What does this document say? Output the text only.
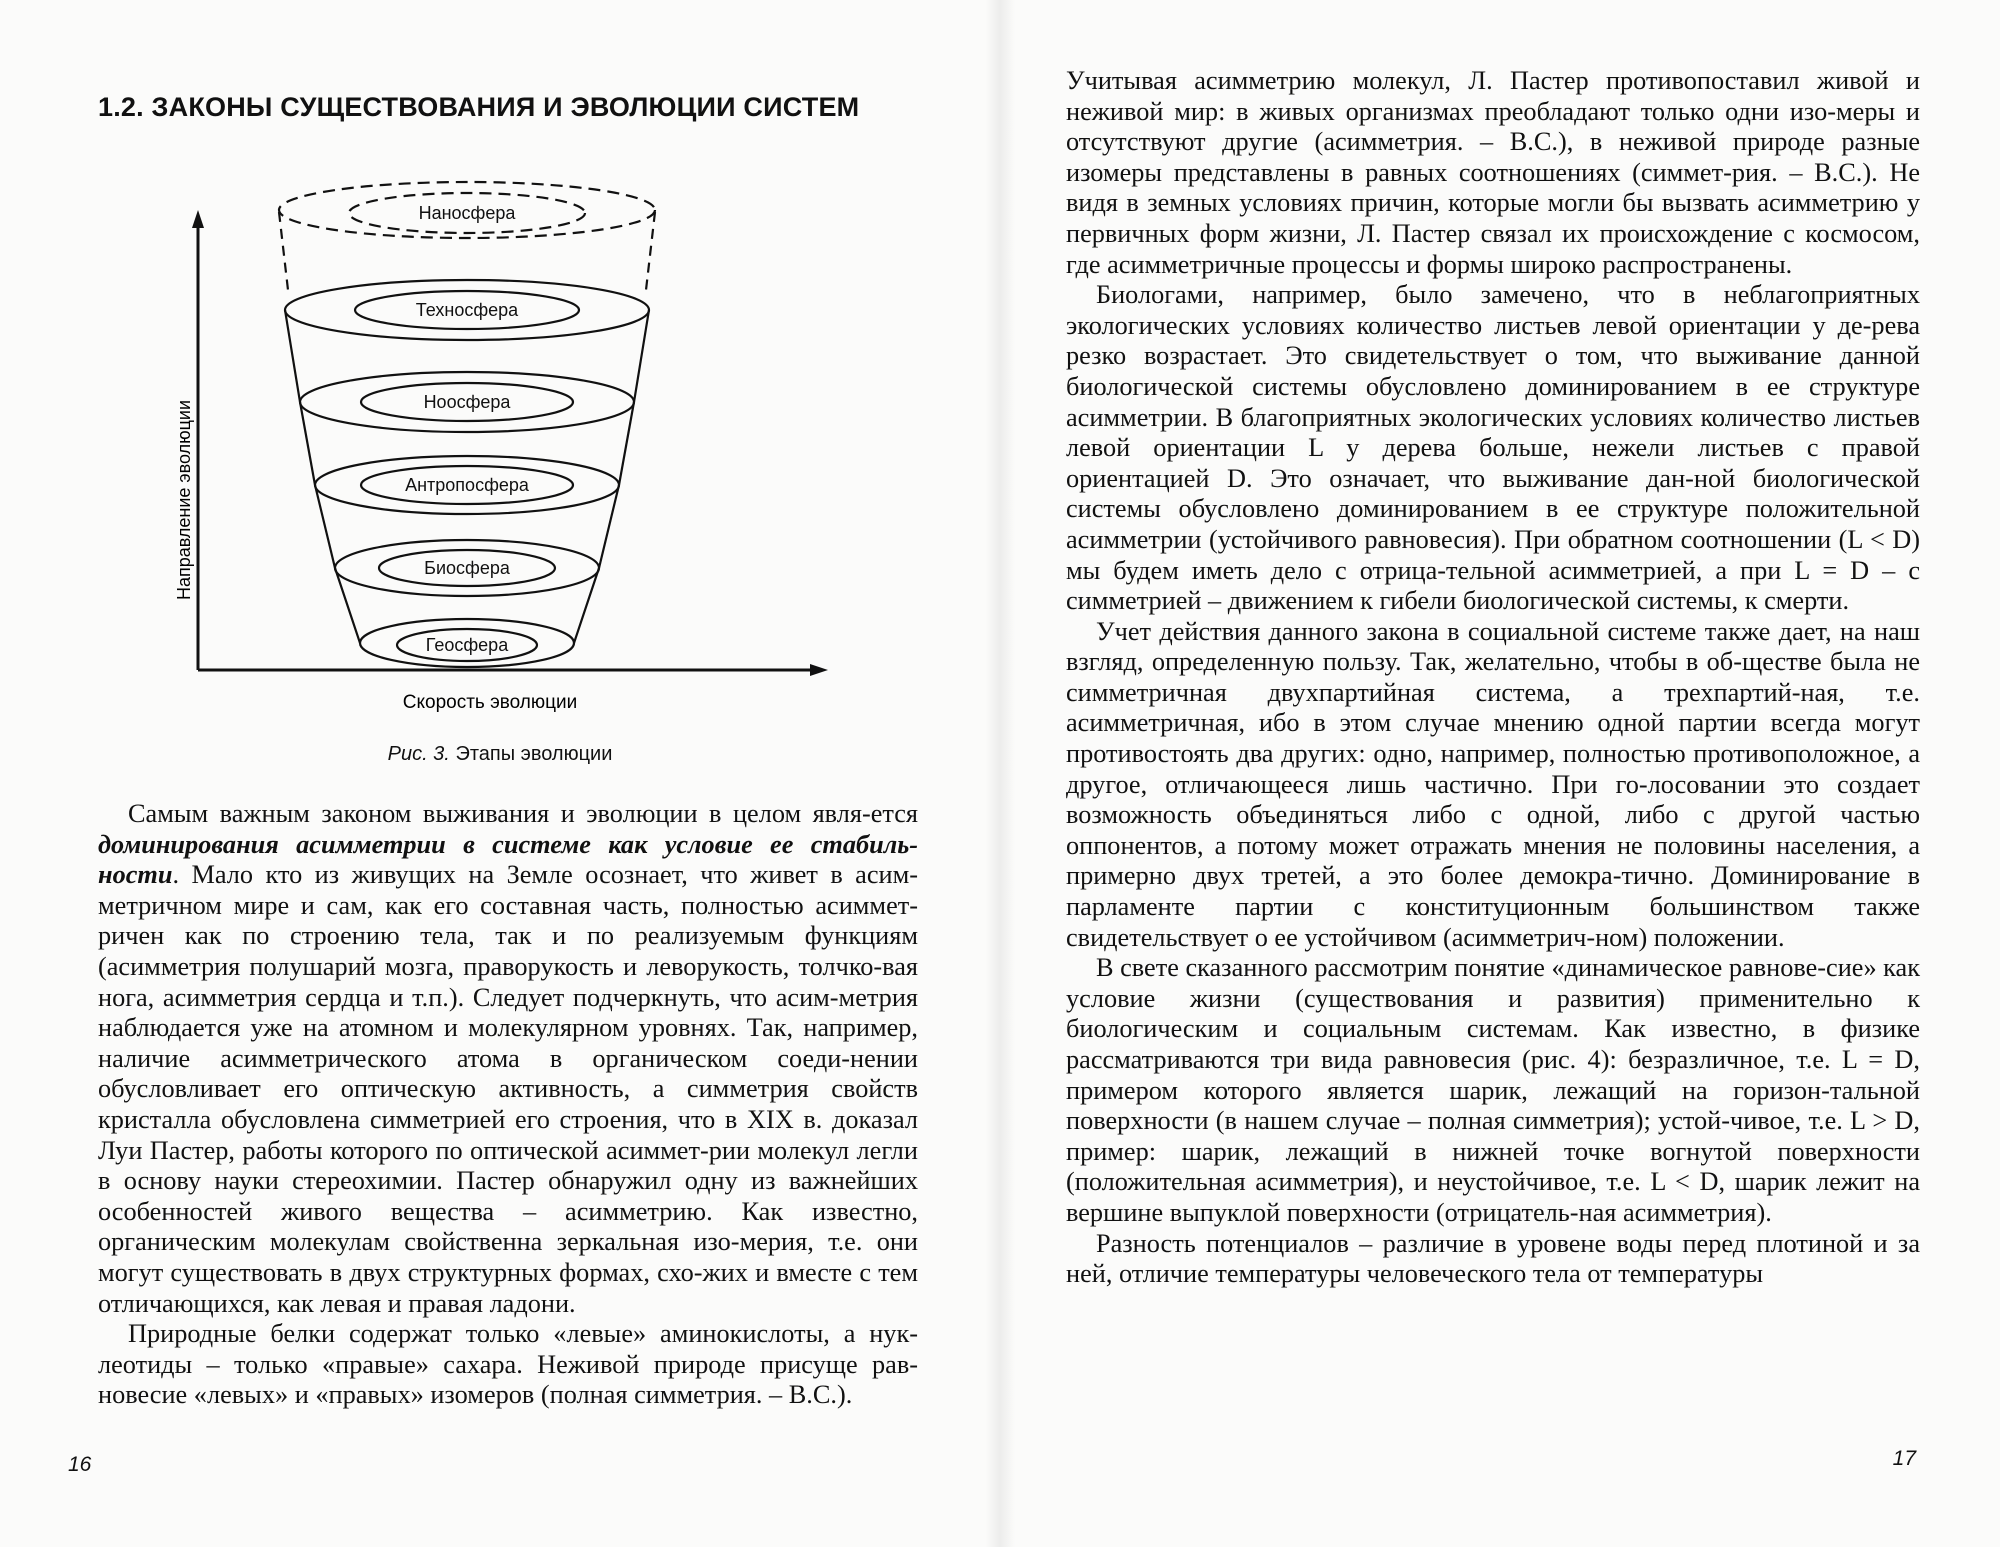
1.2. ЗАКОНЫ СУЩЕСТВОВАНИЯ И ЭВОЛЮЦИИ СИСТЕМ
Направление эволюции
Скорость эволюции
Наносфера
Техносфера
Ноосфера
Антропосфера
Биосфера
Геосфера

Рис. 3. Этапы эволюции

Самым важным законом выживания и эволюции в целом явля-ется доминирования асимметрии в системе как условие ее стабиль-ности. Мало кто из живущих на Земле осознает, что живет в асим-метричном мире и сам, как его составная часть, полностью асиммет-ричен как по строению тела, так и по реализуемым функциям (асимметрия полушарий мозга, праворукость и леворукость, толчко-вая нога, асимметрия сердца и т.п.). Следует подчеркнуть, что асим-метрия наблюдается уже на атомном и молекулярном уровнях. Так, например, наличие асимметрического атома в органическом соеди-нении обусловливает его оптическую активность, а симметрия свойств кристалла обусловлена симметрией его строения, что в XIX в. доказал Луи Пастер, работы которого по оптической асиммет-рии молекул легли в основу науки стереохимии. Пастер обнаружил одну из важнейших особенностей живого вещества – асимметрию. Как известно, органическим молекулам свойственна зеркальная изо-мерия, т.е. они могут существовать в двух структурных формах, схо-жих и вместе с тем отличающихся, как левая и правая ладони.

Природные белки содержат только «левые» аминокислоты, а нук-леотиды – только «правые» сахара. Неживой природе присуще рав-новесие «левых» и «правых» изомеров (полная симметрия. – В.С.).

16

Учитывая асимметрию молекул, Л. Пастер противопоставил живой и неживой мир: в живых организмах преобладают только одни изо-меры и отсутствуют другие (асимметрия. – В.С.), в неживой природе разные изомеры представлены в равных соотношениях (симмет-рия. – В.С.). Не видя в земных условиях причин, которые могли бы вызвать асимметрию у первичных форм жизни, Л. Пастер связал их происхождение с космосом, где асимметричные процессы и формы широко распространены.

Биологами, например, было замечено, что в неблагоприятных экологических условиях количество листьев левой ориентации у де-рева резко возрастает. Это свидетельствует о том, что выживание данной биологической системы обусловлено доминированием в ее структуре асимметрии. В благоприятных экологических условиях количество листьев левой ориентации L у дерева больше, нежели листьев с правой ориентацией D. Это означает, что выживание дан-ной биологической системы обусловлено доминированием в ее структуре положительной асимметрии (устойчивого равновесия). При обратном соотношении (L < D) мы будем иметь дело с отрица-тельной асимметрией, а при L = D – с симметрией – движением к гибели биологической системы, к смерти.

Учет действия данного закона в социальной системе также дает, на наш взгляд, определенную пользу. Так, желательно, чтобы в об-ществе была не симметричная двухпартийная система, а трехпартий-ная, т.е. асимметричная, ибо в этом случае мнению одной партии всегда могут противостоять два других: одно, например, полностью противоположное, а другое, отличающееся лишь частично. При го-лосовании это создает возможность объединяться либо с одной, либо с другой частью оппонентов, а потому может отражать мнения не половины населения, а примерно двух третей, а это более демокра-тично. Доминирование в парламенте партии с конституционным большинством также свидетельствует о ее устойчивом (асимметрич-ном) положении.

В свете сказанного рассмотрим понятие «динамическое равнове-сие» как условие жизни (существования и развития) применительно к биологическим и социальным системам. Как известно, в физике рассматриваются три вида равновесия (рис. 4): безразличное, т.е. L = D, примером которого является шарик, лежащий на горизон-тальной поверхности (в нашем случае – полная симметрия); устой-чивое, т.е. L > D, пример: шарик, лежащий в нижней точке вогнутой поверхности (положительная асимметрия), и неустойчивое, т.е. L < D, шарик лежит на вершине выпуклой поверхности (отрицатель-ная асимметрия).

Разность потенциалов – различие в уровене воды перед плотиной и за ней, отличие температуры человеческого тела от температуры

17
